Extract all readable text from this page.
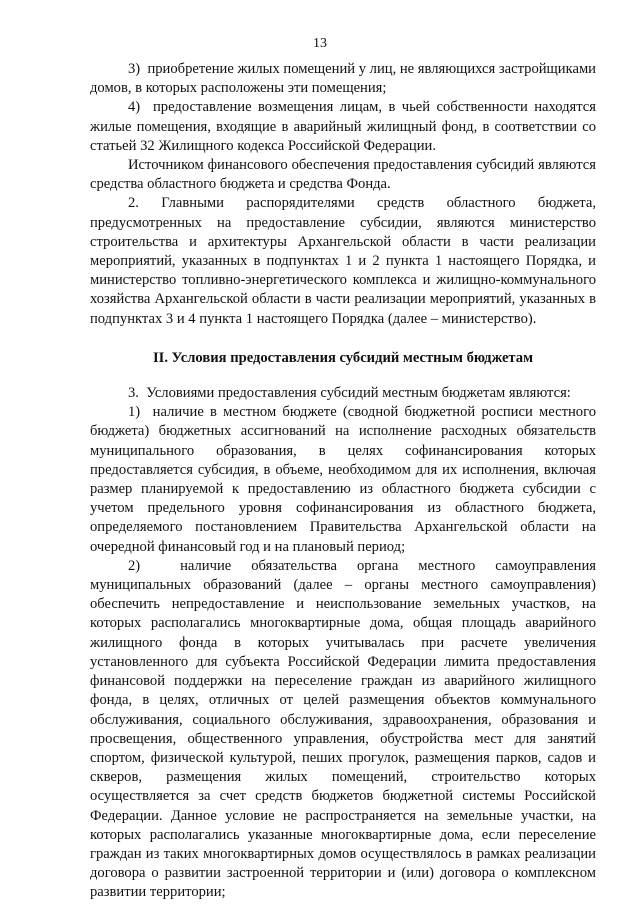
13

3)  приобретение жилых помещений у лиц, не являющихся застройщиками домов, в которых расположены эти помещения;

4)  предоставление возмещения лицам, в чьей собственности находятся жилые помещения, входящие в аварийный жилищный фонд, в соответствии со статьей 32 Жилищного кодекса Российской Федерации.

Источником финансового обеспечения предоставления субсидий являются средства областного бюджета и средства Фонда.

2. Главными распорядителями средств областного бюджета, предусмотренных на предоставление субсидии, являются министерство строительства и архитектуры Архангельской области в части реализации мероприятий, указанных в подпунктах 1 и 2 пункта 1 настоящего Порядка, и министерство топливно-энергетического комплекса и жилищно-коммунального хозяйства Архангельской области в части реализации мероприятий, указанных в подпунктах 3 и 4 пункта 1 настоящего Порядка (далее – министерство).

II. Условия предоставления субсидий местным бюджетам

3.  Условиями предоставления субсидий местным бюджетам являются:

1)  наличие в местном бюджете (сводной бюджетной росписи местного бюджета) бюджетных ассигнований на исполнение расходных обязательств муниципального образования, в целях софинансирования которых предоставляется субсидия, в объеме, необходимом для их исполнения, включая размер планируемой к предоставлению из областного бюджета субсидии с учетом предельного уровня софинансирования из областного бюджета, определяемого постановлением Правительства Архангельской области на очередной финансовый год и на плановый период;

2)  наличие обязательства органа местного самоуправления муниципальных образований (далее – органы местного самоуправления) обеспечить непредоставление и неиспользование земельных участков, на которых располагались многоквартирные дома, общая площадь аварийного жилищного фонда в которых учитывалась при расчете увеличения установленного для субъекта Российской Федерации лимита предоставления финансовой поддержки на переселение граждан из аварийного жилищного фонда, в целях, отличных от целей размещения объектов коммунального обслуживания, социального обслуживания, здравоохранения, образования и просвещения, общественного управления, обустройства мест для занятий спортом, физической культурой, пеших прогулок, размещения парков, садов и скверов, размещения жилых помещений, строительство которых осуществляется за счет средств бюджетов бюджетной системы Российской Федерации. Данное условие не распространяется на земельные участки, на которых располагались указанные многоквартирные дома, если переселение граждан из таких многоквартирных домов осуществлялось в рамках реализации договора о развитии застроенной территории и (или) договора о комплексном развитии территории;
